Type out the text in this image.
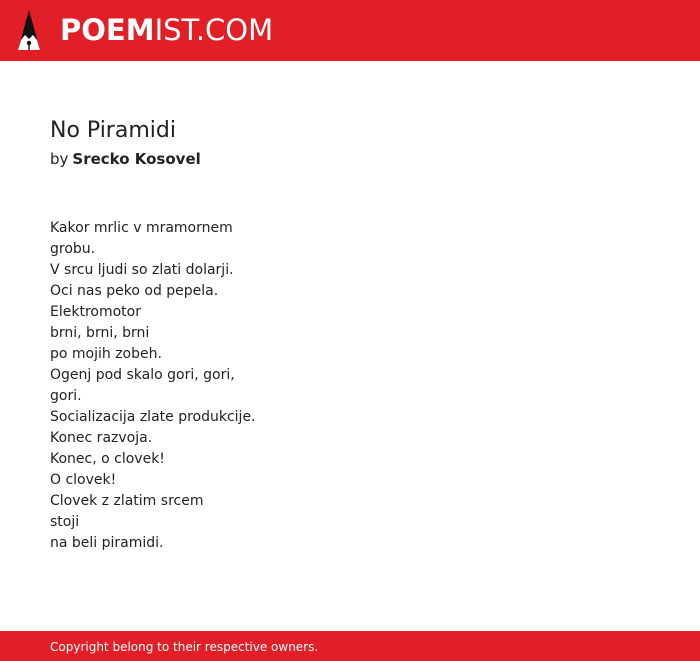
POEMIST.COM
No Piramidi
by Srecko Kosovel
Kakor mrlic v mramornem
grobu.
V srcu ljudi so zlati dolarji.
Oci nas peko od pepela.
Elektromotor
brni, brni, brni
po mojih zobeh.
Ogenj pod skalo gori, gori,
gori.
Socializacija zlate produkcije.
Konec razvoja.
Konec, o clovek!
O clovek!
Clovek z zlatim srcem
stoji
na beli piramidi.
Copyright belong to their respective owners.
